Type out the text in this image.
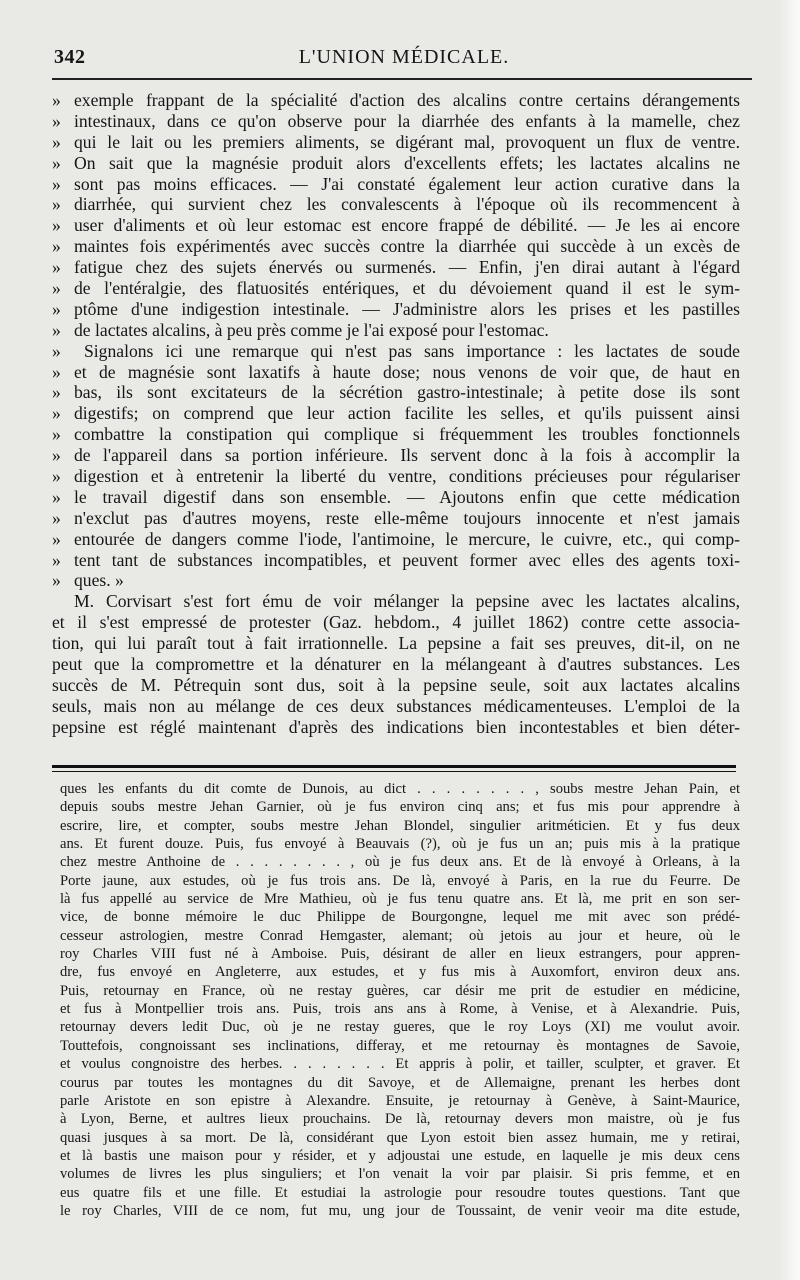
342	L'UNION MÉDICALE.
» exemple frappant de la spécialité d'action des alcalins contre certains dérangements
» intestinaux, dans ce qu'on observe pour la diarrhée des enfants à la mamelle, chez
» qui le lait ou les premiers aliments, se digérant mal, provoquent un flux de ventre.
» On sait que la magnésie produit alors d'excellents effets; les lactates alcalins ne
» sont pas moins efficaces. — J'ai constaté également leur action curative dans la
» diarrhée, qui survient chez les convalescents à l'époque où ils recommencent à
» user d'aliments et où leur estomac est encore frappé de débilité. — Je les ai encore
» maintes fois expérimentés avec succès contre la diarrhée qui succède à un excès de
» fatigue chez des sujets énervés ou surmenés. — Enfin, j'en dirai autant à l'égard
» de l'entéralgie, des flatuosités entériques, et du dévoiement quand il est le sym-
» ptôme d'une indigestion intestinale. — J'administre alors les prises et les pastilles
» de lactates alcalins, à peu près comme je l'ai exposé pour l'estomac.
» Signalons ici une remarque qui n'est pas sans importance : les lactates de soude
» et de magnésie sont laxatifs à haute dose; nous venons de voir que, de haut en
» bas, ils sont excitateurs de la sécrétion gastro-intestinale; à petite dose ils sont
» digestifs; on comprend que leur action facilite les selles, et qu'ils puissent ainsi
» combattre la constipation qui complique si fréquemment les troubles fonctionnels
» de l'appareil dans sa portion inférieure. Ils servent donc à la fois à accomplir la
» digestion et à entretenir la liberté du ventre, conditions précieuses pour régulariser
» le travail digestif dans son ensemble. — Ajoutons enfin que cette médication
» n'exclut pas d'autres moyens, reste elle-même toujours innocente et n'est jamais
» entourée de dangers comme l'iode, l'antimoine, le mercure, le cuivre, etc., qui comp-
» tent tant de substances incompatibles, et peuvent former avec elles des agents toxi-
» ques. »
M. Corvisart s'est fort ému de voir mélanger la pepsine avec les lactates alcalins,
et il s'est empressé de protester (Gaz. hebdom., 4 juillet 1862) contre cette associa-
tion, qui lui paraît tout à fait irrationnelle. La pepsine a fait ses preuves, dit-il, on ne
peut que la compromettre et la dénaturer en la mélangeant à d'autres substances. Les
succès de M. Pétrequin sont dus, soit à la pepsine seule, soit aux lactates alcalins
seuls, mais non au mélange de ces deux substances médicamenteuses. L'emploi de la
pepsine est réglé maintenant d'après des indications bien incontestables et bien déter-
ques les enfants du dit comte de Dunois, au dict . . . . . . . . , soubs mestre Jehan Pain, et
depuis soubs mestre Jehan Garnier, où je fus environ cinq ans; et fus mis pour apprendre à
escrire, lire, et compter, soubs mestre Jehan Blondel, singulier aritméticien. Et y fus deux
ans. Et furent douze. Puis, fus envoyé à Beauvais (?), où je fus un an; puis mis à la pratique
chez mestre Anthoine de . . . . . . . . , où je fus deux ans. Et de là envoyé à Orleans, à la
Porte jaune, aux estudes, où je fus trois ans. De là, envoyé à Paris, en la rue du Feurre. De
là fus appellé au service de Mre Mathieu, où je fus tenu quatre ans. Et là, me prit en son ser-
vice, de bonne mémoire le duc Philippe de Bourgongne, lequel me mit avec son prédé-
cesseur astrologien, mestre Conrad Hemgaster, alemant; où jetois au jour et heure, où le
roy Charles VIII fust né à Amboise. Puis, désirant de aller en lieux estrangers, pour appren-
dre, fus envoyé en Angleterre, aux estudes, et y fus mis à Auxomfort, environ deux ans.
Puis, retournay en France, où ne restay guères, car désir me prit de estudier en médicine,
et fus à Montpellier trois ans. Puis, trois ans ans à Rome, à Venise, et à Alexandrie. Puis,
retournay devers ledit Duc, où je ne restay gueres, que le roy Loys (XI) me voulut avoir.
Touttefois, congnoissant ses inclinations, differay, et me retournay ès montagnes de Savoie,
et voulus congnoistre des herbes. . . . . . . . Et appris à polir, et tailler, sculpter, et graver. Et
courus par toutes les montagnes du dit Savoye, et de Allemaigne, prenant les herbes dont
parle Aristote en son epistre à Alexandre. Ensuite, je retournay à Genève, à Saint-Maurice,
à Lyon, Berne, et aultres lieux prouchains. De là, retournay devers mon maistre, où je fus
quasi jusques à sa mort. De là, considérant que Lyon estoit bien assez humain, me y retirai,
et là bastis une maison pour y résider, et y adjoustai une estude, en laquelle je mis deux cens
volumes de livres les plus singuliers; et l'on venait la voir par plaisir. Si pris femme, et en
eus quatre fils et une fille. Et estudiai la astrologie pour resoudre toutes questions. Tant que
le roy Charles, VIII de ce nom, fut mu, ung jour de Toussaint, de venir veoir ma dite estude,
